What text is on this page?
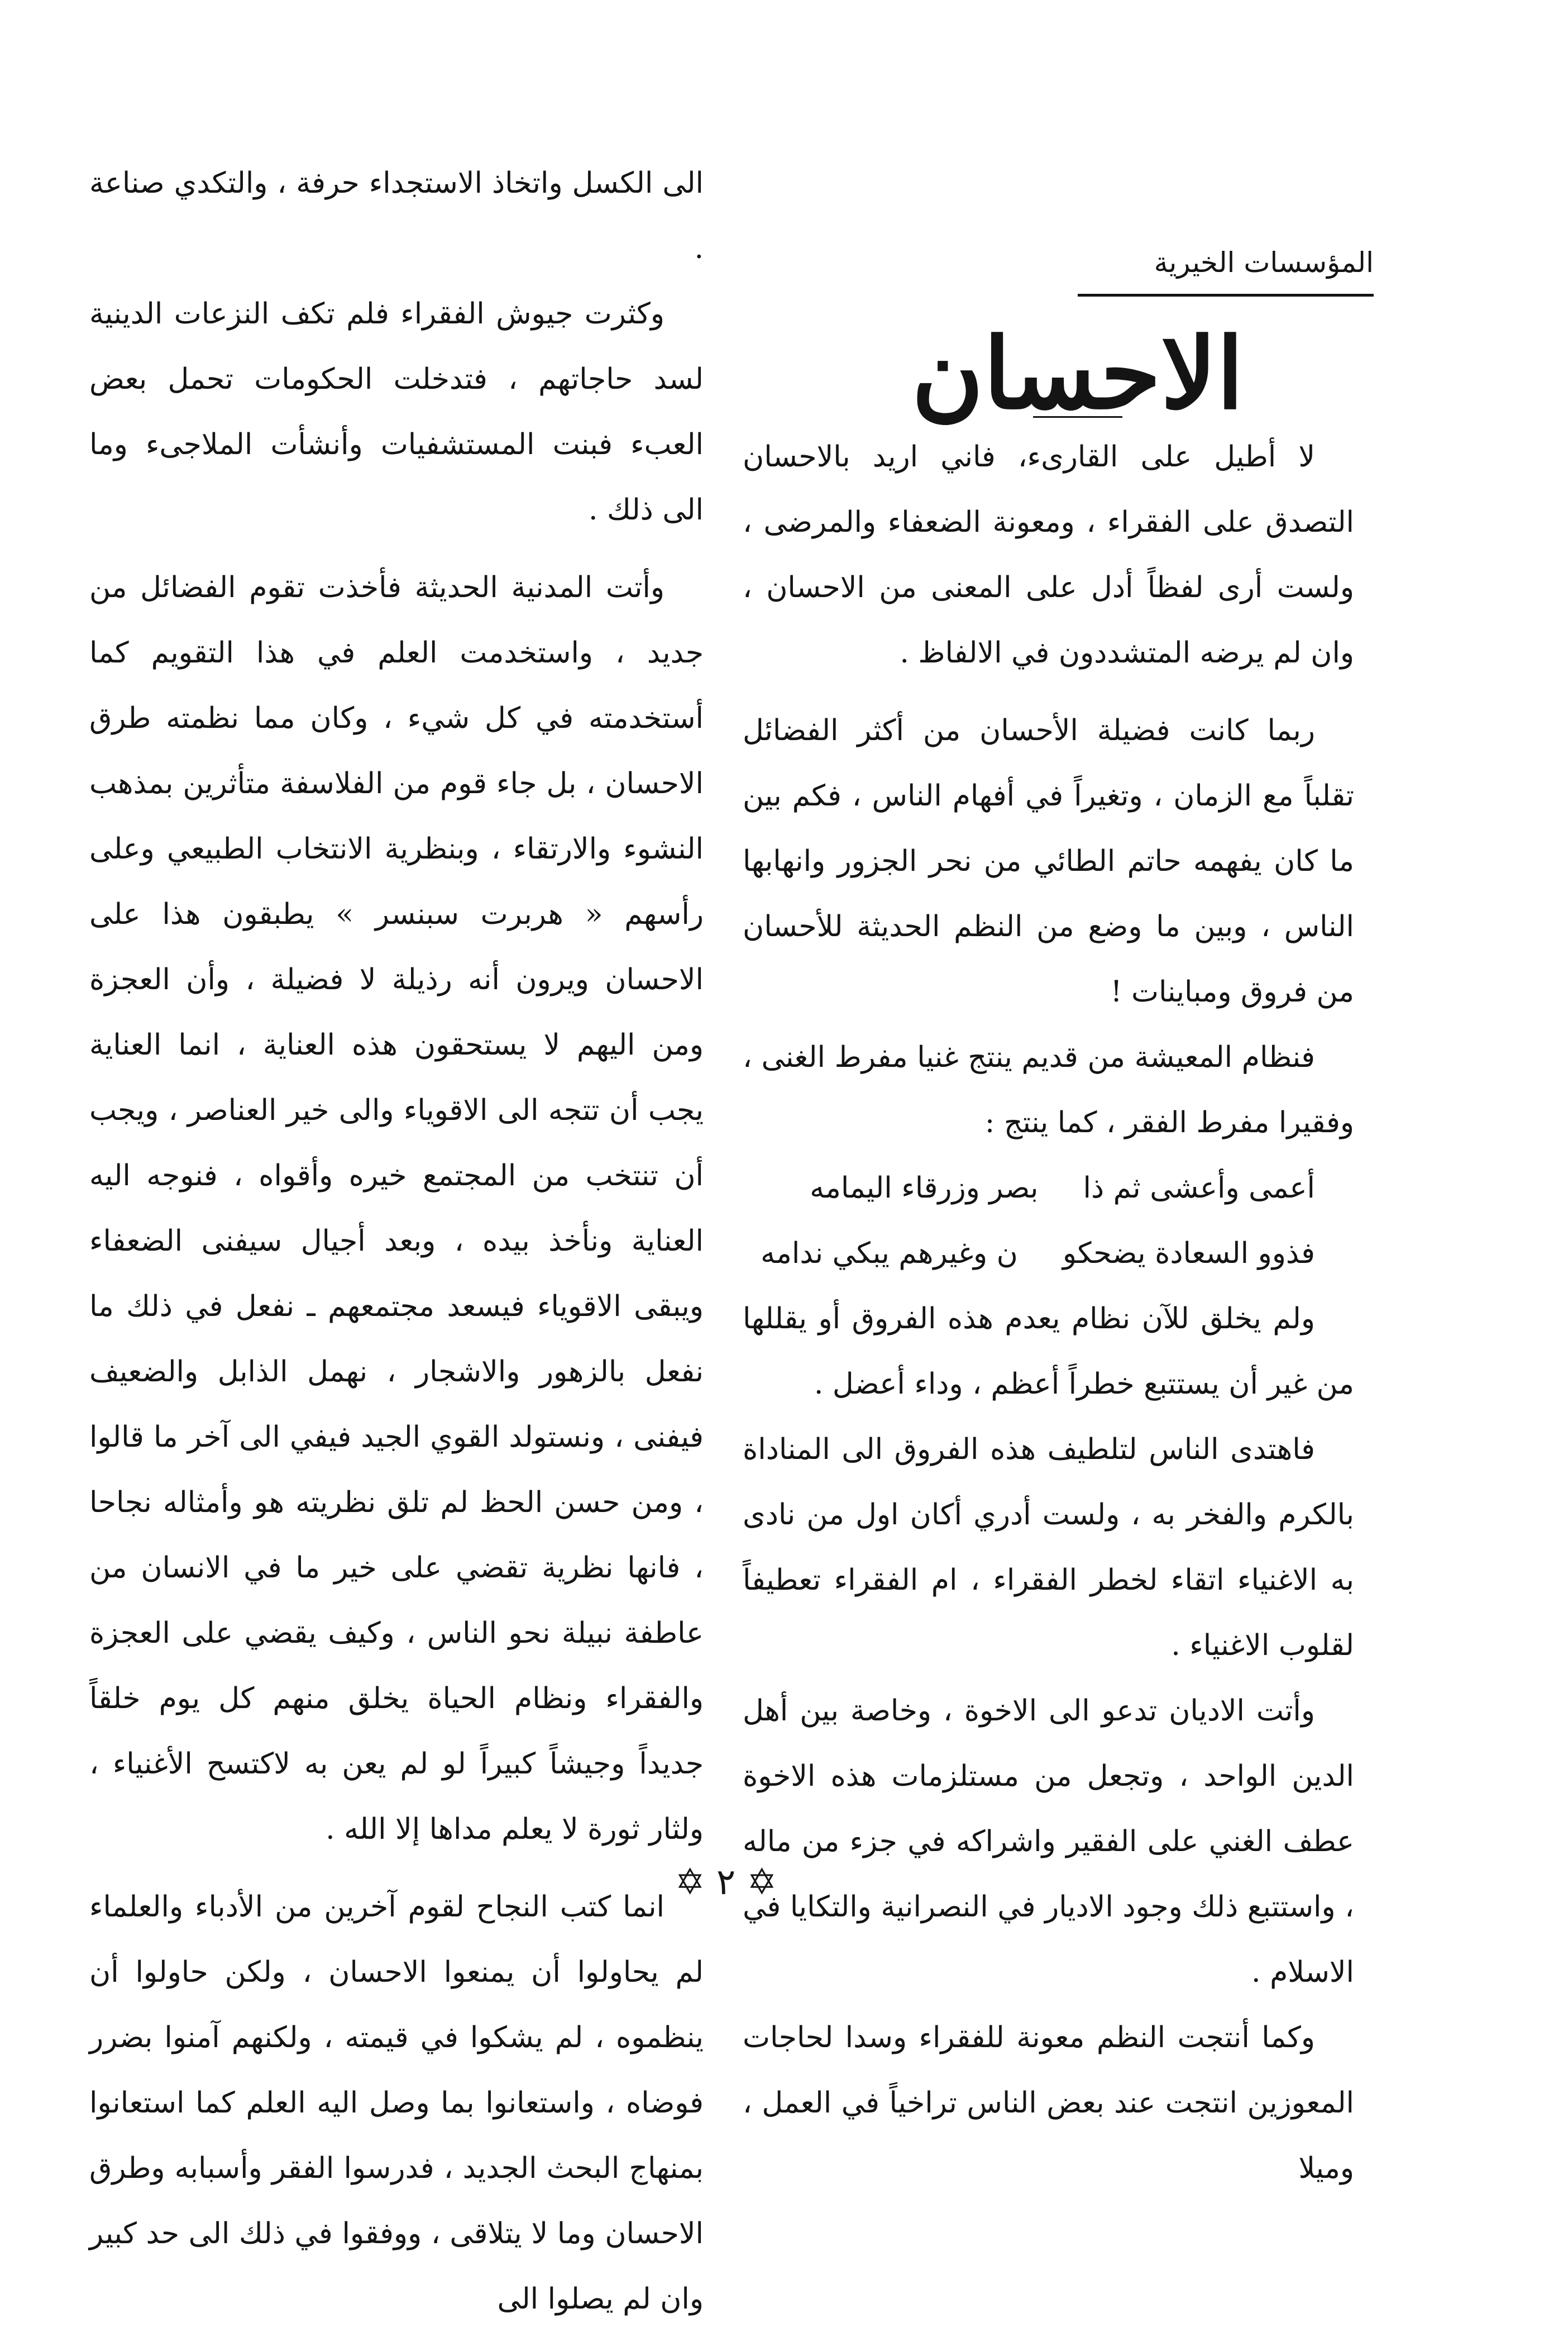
المؤسسات الخيرية
الاحسان

لا أطيل على القارىء، فاني اريد بالاحسان التصدق على الفقراء ، ومعونة الضعفاء والمرضى ، ولست أرى لفظاً أدل على المعنى من الاحسان ، وان لم يرضه المتشددون في الالفاظ .

ربما كانت فضيلة الأحسان من أكثر الفضائل تقلباً مع الزمان ، وتغيراً في أفهام الناس ، فكم بين ما كان يفهمه حاتم الطائي من نحر الجزور وانهابها الناس ، وبين ما وضع من النظم الحديثة للأحسان من فروق ومباينات !

فنظام المعيشة من قديم ينتج غنيا مفرط الغنى ، وفقيرا مفرط الفقر ، كما ينتج :

أعمى وأعشى ثم ذا
بصر وزرقاء اليمامه
فذوو السعادة يضحكو
ن وغيرهم يبكي ندامه

ولم يخلق للآن نظام يعدم هذه الفروق أو يقللها من غير أن يستتبع خطراً أعظم ، وداء أعضل .

فاهتدى الناس لتلطيف هذه الفروق الى المناداة بالكرم والفخر به ، ولست أدري أكان اول من نادى به الاغنياء اتقاء لخطر الفقراء ، ام الفقراء تعطيفاً لقلوب الاغنياء .

وأتت الاديان تدعو الى الاخوة ، وخاصة بين أهل الدين الواحد ، وتجعل من مستلزمات هذه الاخوة عطف الغني على الفقير واشراكه في جزء من ماله ، واستتبع ذلك وجود الاديار في النصرانية والتكايا في الاسلام .

وكما أنتجت النظم معونة للفقراء وسدا لحاجات المعوزين انتجت عند بعض الناس تراخياً في العمل ، وميلا

الى الكسل واتخاذ الاستجداء حرفة ، والتكدي صناعة .

وكثرت جيوش الفقراء فلم تكف النزعات الدينية لسد حاجاتهم ، فتدخلت الحكومات تحمل بعض العبء فبنت المستشفيات وأنشأت الملاجىء وما الى ذلك .

وأتت المدنية الحديثة فأخذت تقوم الفضائل من جديد ، واستخدمت العلم في هذا التقويم كما أستخدمته في كل شيء ، وكان مما نظمته طرق الاحسان ، بل جاء قوم من الفلاسفة متأثرين بمذهب النشوء والارتقاء ، وبنظرية الانتخاب الطبيعي وعلى رأسهم « هربرت سبنسر » يطبقون هذا على الاحسان ويرون أنه رذيلة لا فضيلة ، وأن العجزة ومن اليهم لا يستحقون هذه العناية ، انما العناية يجب أن تتجه الى الاقوياء والى خير العناصر ، ويجب أن تنتخب من المجتمع خيره وأقواه ، فنوجه اليه العناية ونأخذ بيده ، وبعد أجيال سيفنى الضعفاء ويبقى الاقوياء فيسعد مجتمعهم ـ نفعل في ذلك ما نفعل بالزهور والاشجار ، نهمل الذابل والضعيف فيفنى ، ونستولد القوي الجيد فيفي الى آخر ما قالوا ، ومن حسن الحظ لم تلق نظريته هو وأمثاله نجاحا ، فانها نظرية تقضي على خير ما في الانسان من عاطفة نبيلة نحو الناس ، وكيف يقضي على العجزة والفقراء ونظام الحياة يخلق منهم كل يوم خلقاً جديداً وجيشاً كبيراً لو لم يعن به لاكتسح الأغنياء ، ولثار ثورة لا يعلم مداها إلا الله .

انما كتب النجاح لقوم آخرين من الأدباء والعلماء لم يحاولوا أن يمنعوا الاحسان ، ولكن حاولوا أن ينظموه ، لم يشكوا في قيمته ، ولكنهم آمنوا بضرر فوضاه ، واستعانوا بما وصل اليه العلم كما استعانوا بمنهاج البحث الجديد ، فدرسوا الفقر وأسبابه وطرق الاحسان وما لا يتلاقى ، ووفقوا في ذلك الى حد كبير وان لم يصلوا الى

✡ ٢ ✡
